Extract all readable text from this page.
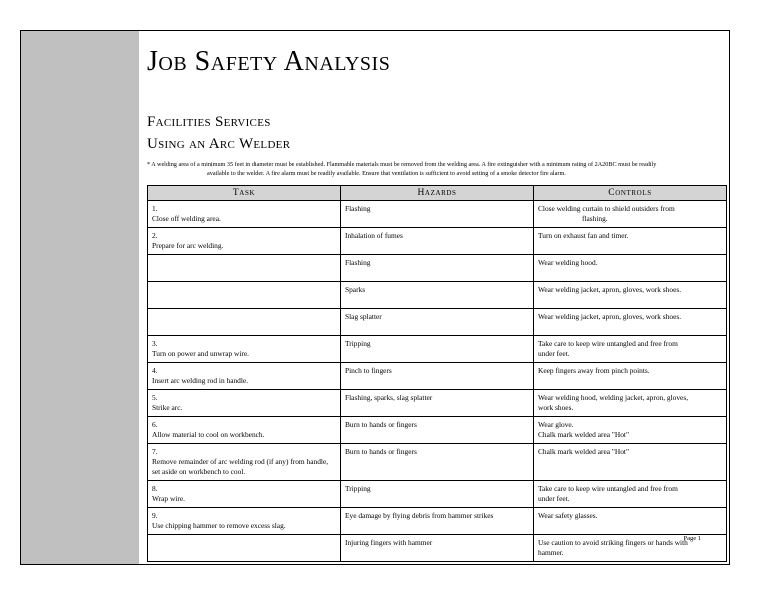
Job Safety Analysis
Facilities Services
Using an Arc Welder
* A welding area of a minimum 35 feet in diameter must be established. Flammable materials must be removed from the welding area. A fire extinguisher with a minimum rating of 2A20BC must be readily
available to the welder. A fire alarm must be readily available. Ensure that ventilation is sufficient to avoid setting of a smoke detector fire alarm.
Task	Hazards	Controls
1.Close off welding area.	Flashing	Close welding curtain to shield outsiders from
flashing.

2.Prepare for arc welding.	Inhalation of fumes	Turn on exhaust fan and timer.
	Flashing	Wear welding hood.
	Sparks	Wear welding jacket, apron, gloves, work shoes.
	Slag splatter	Wear welding jacket, apron, gloves, work shoes.
3.Turn on power and unwrap wire.	Tripping	Take care to keep wire untangled and free from
under feet.

4.Insert arc welding rod in handle.	Pinch to fingers	Keep fingers away from pinch points.
5.Strike arc.	Flashing, sparks, slag splatter	Wear welding hood, welding jacket, apron, gloves,
work shoes.

6.Allow material to cool on workbench.	Burn to hands or fingers	Wear glove.
Chalk mark welded area "Hot"

7.Remove remainder of arc welding rod (if any) from handle, set aside on workbench to cool.	Burn to hands or fingers	Chalk mark welded area "Hot"
8.Wrap wire.	Tripping	Take care to keep wire untangled and free from
under feet.

9.Use chipping hammer to remove excess slag.	Eye damage by flying debris from hammer strikes	Wear safety glasses.
	Injuring fingers with hammer	Use caution to avoid striking fingers or hands with
hammer.
Page 1
